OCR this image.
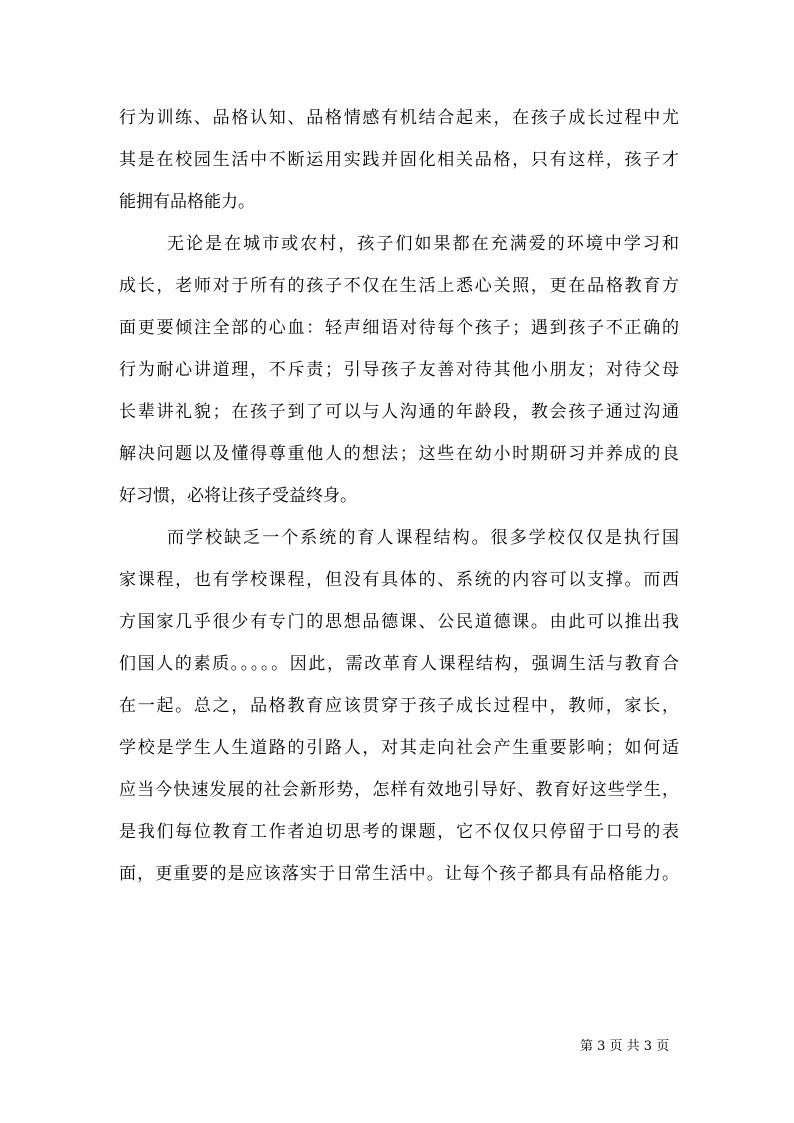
行为训练、品格认知、品格情感有机结合起来，在孩子成长过程中尤
其是在校园生活中不断运用实践并固化相关品格，只有这样，孩子才
能拥有品格能力。
无论是在城市或农村，孩子们如果都在充满爱的环境中学习和
成长，老师对于所有的孩子不仅在生活上悉心关照，更在品格教育方
面更要倾注全部的心血：轻声细语对待每个孩子；遇到孩子不正确的
行为耐心讲道理，不斥责；引导孩子友善对待其他小朋友；对待父母
长辈讲礼貌；在孩子到了可以与人沟通的年龄段，教会孩子通过沟通
解决问题以及懂得尊重他人的想法；这些在幼小时期研习并养成的良
好习惯，必将让孩子受益终身。
而学校缺乏一个系统的育人课程结构。很多学校仅仅是执行国
家课程，也有学校课程，但没有具体的、系统的内容可以支撑。而西
方国家几乎很少有专门的思想品德课、公民道德课。由此可以推出我
们国人的素质。。。。。因此，需改革育人课程结构，强调生活与教育合
在一起。总之，品格教育应该贯穿于孩子成长过程中，教师，家长，
学校是学生人生道路的引路人，对其走向社会产生重要影响；如何适
应当今快速发展的社会新形势，怎样有效地引导好、教育好这些学生，
是我们每位教育工作者迫切思考的课题，它不仅仅只停留于口号的表
面，更重要的是应该落实于日常生活中。让每个孩子都具有品格能力。
第 3 页 共 3 页
